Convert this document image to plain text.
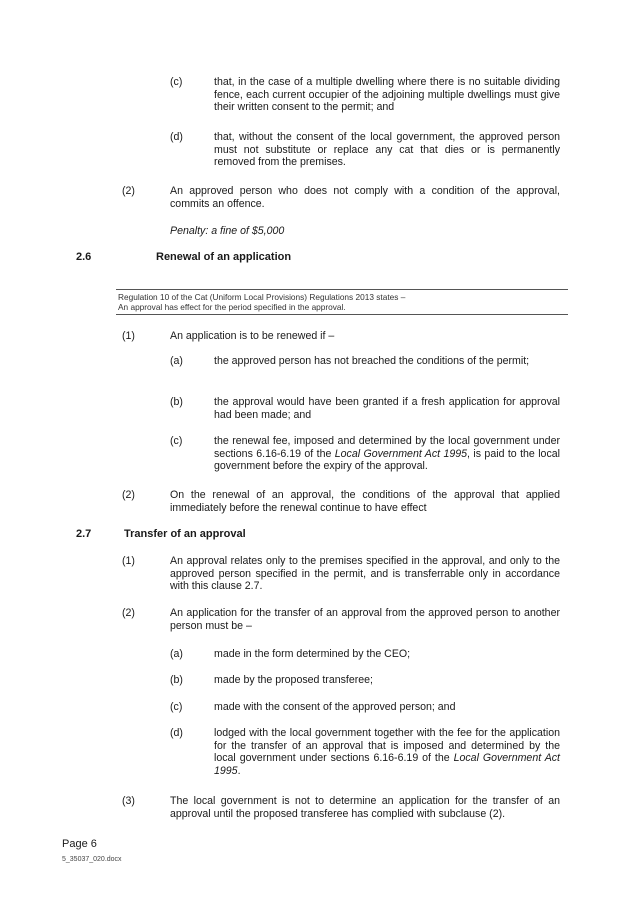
(c)	that, in the case of a multiple dwelling where there is no suitable dividing fence, each current occupier of the adjoining multiple dwellings must give their written consent to the permit; and
(d)	that, without the consent of the local government, the approved person must not substitute or replace any cat that dies or is permanently removed from the premises.
(2)	An approved person who does not comply with a condition of the approval, commits an offence.
Penalty: a fine of $5,000
2.6	Renewal of an application
Regulation 10 of the Cat (Uniform Local Provisions) Regulations 2013 states –
An approval has effect for the period specified in the approval.
(1)	An application is to be renewed if –
(a)	the approved person has not breached the conditions of the permit;
(b)	the approval would have been granted if a fresh application for approval had been made; and
(c)	the renewal fee, imposed and determined by the local government under sections 6.16-6.19 of the Local Government Act 1995, is paid to the local government before the expiry of the approval.
(2)	On the renewal of an approval, the conditions of the approval that applied immediately before the renewal continue to have effect
2.7	Transfer of an approval
(1)	An approval relates only to the premises specified in the approval, and only to the approved person specified in the permit, and is transferrable only in accordance with this clause 2.7.
(2)	An application for the transfer of an approval from the approved person to another person must be –
(a)	made in the form determined by the CEO;
(b)	made by the proposed transferee;
(c)	made with the consent of the approved person; and
(d)	lodged with the local government together with the fee for the application for the transfer of an approval that is imposed and determined by the local government under sections 6.16-6.19 of the Local Government Act 1995.
(3)	The local government is not to determine an application for the transfer of an approval until the proposed transferee has complied with subclause (2).
Page 6
5_35037_020.docx
